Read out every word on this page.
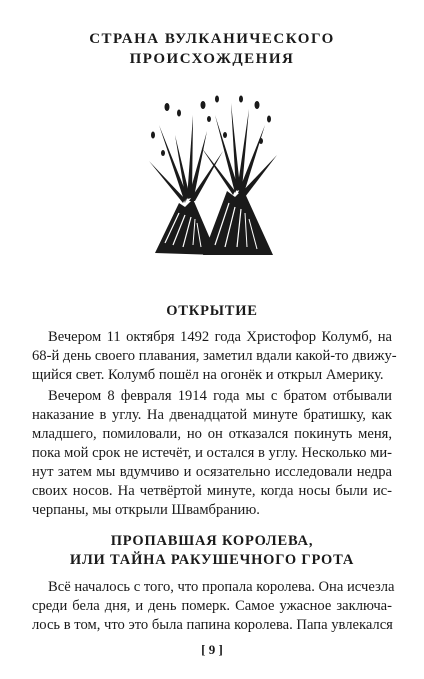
СТРАНА ВУЛКАНИЧЕСКОГО
ПРОИСХОЖДЕНИЯ
ОТКРЫТИЕ
Вечером 11 октября 1492 года Христофор Колумб, на
68-й день своего плавания, заметил вдали какой-то движу-
щийся свет. Колумб пошёл на огонёк и открыл Америку.
Вечером 8 февраля 1914 года мы с братом отбывали
наказание в углу. На двенадцатой минуте братишку, как
младшего, помиловали, но он отказался покинуть меня,
пока мой срок не истечёт, и остался в углу. Несколько ми-
нут затем мы вдумчиво и осязательно исследовали недра
своих носов. На четвёртой минуте, когда носы были ис-
черпаны, мы открыли Швамбранию.
ПРОПАВШАЯ КОРОЛЕВА,
ИЛИ ТАЙНА РАКУШЕЧНОГО ГРОТА
Всё началось с того, что пропала королева. Она исчезла
среди бела дня, и день померк. Самое ужасное заключа-
лось в том, что это была папина королева. Папа увлекался
[ 9 ]
